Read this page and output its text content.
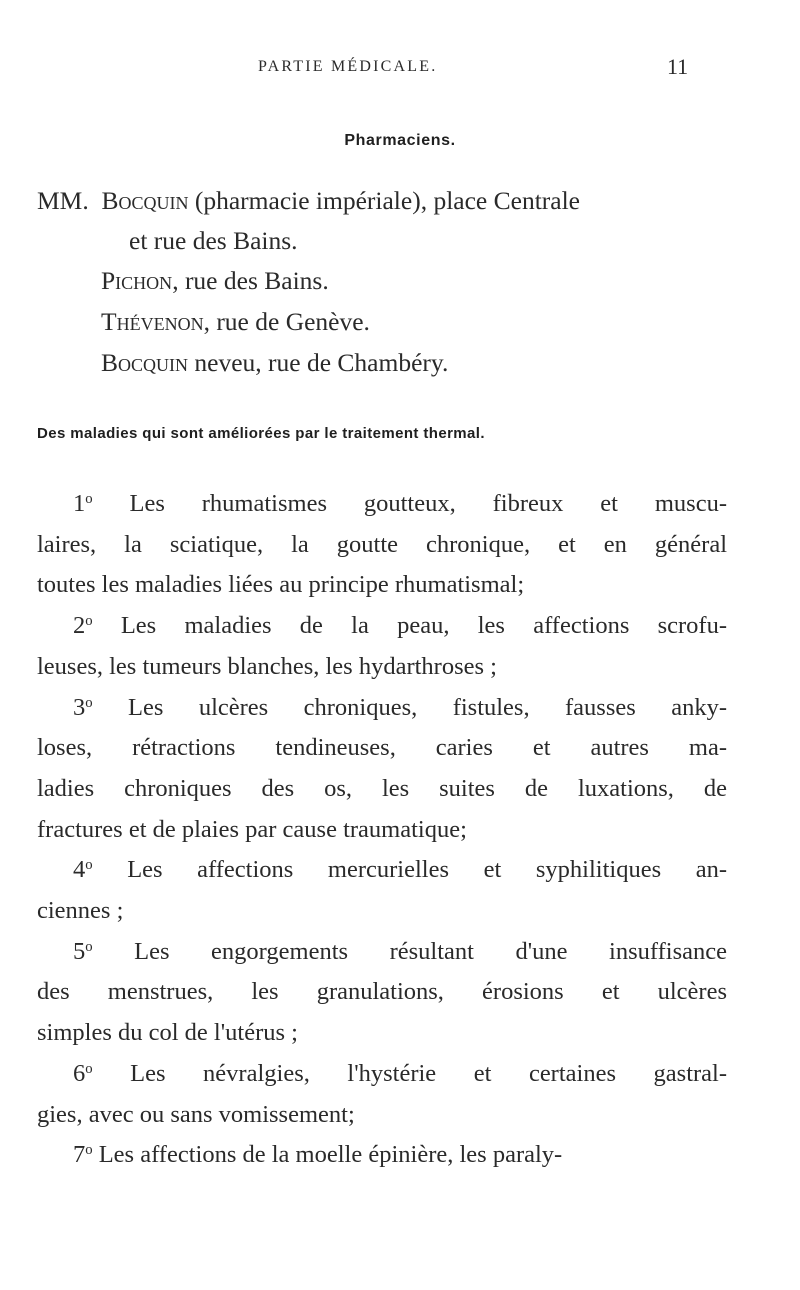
PARTIE MÉDICALE.	11
Pharmaciens.
MM. Bocquin (pharmacie impériale), place Centrale
et rue des Bains.
Pichon, rue des Bains.
Thévenon, rue de Genève.
Bocquin neveu, rue de Chambéry.
Des maladies qui sont améliorées par le traitement thermal.
1$^o$ Les rhumatismes goutteux, fibreux et muscu-
laires, la sciatique, la goutte chronique, et en général
toutes les maladies liées au principe rhumatismal;
2$^o$ Les maladies de la peau, les affections scrofu-
leuses, les tumeurs blanches, les hydarthroses ;
3$^o$ Les ulcères chroniques, fistules, fausses anky-
loses, rétractions tendineuses, caries et autres ma-
ladies chroniques des os, les suites de luxations, de
fractures et de plaies par cause traumatique;
4$^o$ Les affections mercurielles et syphilitiques an-
ciennes ;
5$^o$ Les engorgements résultant d'une insuffisance
des menstrues, les granulations, érosions et ulcères
simples du col de l'utérus ;
6$^o$ Les névralgies, l'hystérie et certaines gastral-
gies, avec ou sans vomissement;
7$^o$ Les affections de la moelle épinière, les paraly-
